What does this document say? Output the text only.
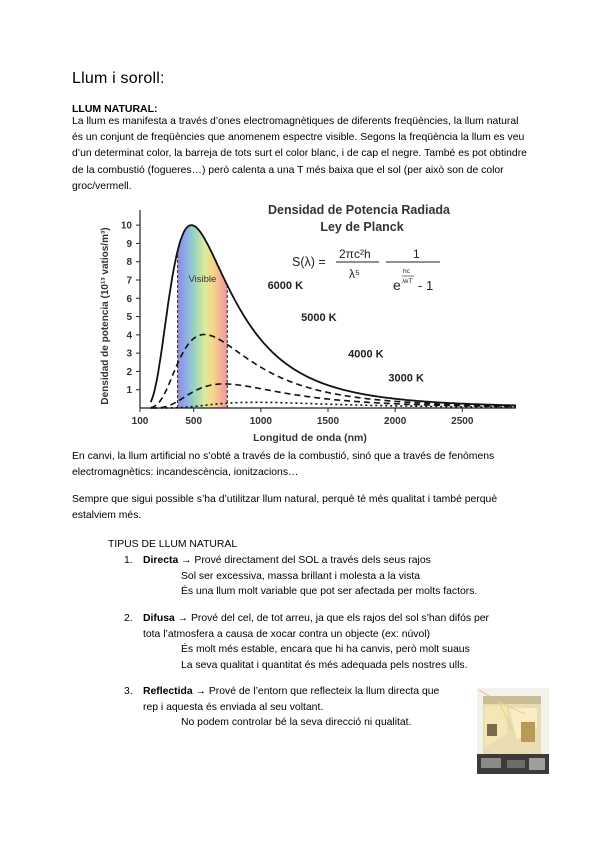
Llum i soroll:
LLUM NATURAL:
La llum es manifesta a través d’ones electromagnètiques de diferents freqüències, la llum natural és un conjunt de freqüències que anomenem espectre visible. Segons la freqüència la llum es veu d’un determinat color, la barreja de tots surt el color blanc, i de cap el negre. També es pot obtindre de la combustió (fogueres…) però calenta a una T més baixa que el sol (per això son de color groc/vermell.
1
2
3
4
5
6
7
8
9
10
100	500	1000	1500	2000	2500
Visible
6000 K
5000 K
4000 K
3000 K
Densidad de Potencia Radiada
Ley de Planck
S(λ) =
2πc²h
λ⁵
1
e
hc
λkT - 1
Longitud de onda (nm)
Densidad de potencia (10¹³ vatios/m³)
En canvi, la llum artificial no s’obté a través de la combustió, sinó que a través de fenòmens electromagnètics: incandescència, ionitzacions…
Sempre que sigui possible s’ha d’utilitzar llum natural, perquè té més qualitat i també perquè estalviem més.
TIPUS DE LLUM NATURAL
1. Directa → Prové directament del SOL a través dels seus rajos
Sol ser excessiva, massa brillant i molesta a la vista
És una llum molt variable que pot ser afectada per molts factors.
2. Difusa → Prové del cel, de tot arreu, ja que els rajos del sol s’han difós per
tota l’atmosfera a causa de xocar contra un objecte (ex: núvol)
És molt més estable, encara que hi ha canvis, però molt suaus
La seva qualitat i quantitat és més adequada pels nostres ulls.
3. Reflectida → Prové de l’entorn que reflecteix la llum directa que
rep i aquesta és enviada al seu voltant.
No podem controlar bé la seva direcció ni qualitat.
